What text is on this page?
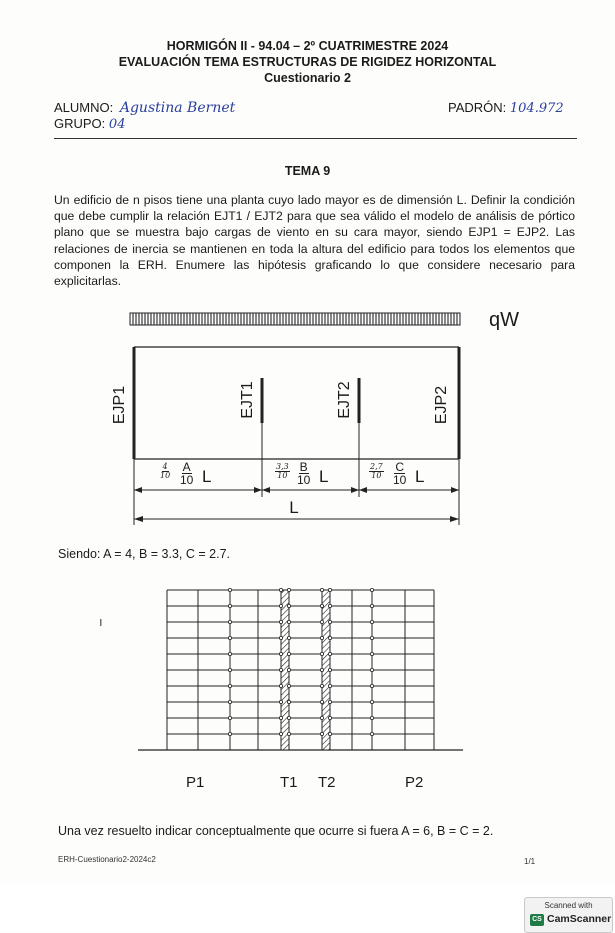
HORMIGÓN II - 94.04 – 2º CUATRIMESTRE 2024
EVALUACIÓN TEMA ESTRUCTURAS DE RIGIDEZ HORIZONTAL
Cuestionario 2
ALUMNO: Agustina Bernet
GRUPO: 04
PADRÓN: 104.972
TEMA 9
Un edificio de n pisos tiene una planta cuyo lado mayor es de dimensión L. Definir la condición que debe cumplir la relación EJT1 / EJT2 para que sea válido el modelo de análisis de pórtico plano que se muestra bajo cargas de viento en su cara mayor, siendo EJP1 = EJP2. Las relaciones de inercia se mantienen en toda la altura del edificio para todos los elementos que componen la ERH. Enumere las hipótesis graficando lo que considere necesario para explicitarlas.
qW
EJP1	EJT1	EJT2	EJP2
L
$\frac{4}{10} \frac{A}{10}$ L	$\frac{3,3}{10} \frac{B}{10}$ L	$\frac{2,7}{10} \frac{C}{10}$ L
Siendo: A = 4, B = 3.3, C = 2.7.
ı
P1	T1 T2	P2
Una vez resuelto indicar conceptualmente que ocurre si fuera A = 6, B = C = 2.
ERH-Cuestionario2-2024c2	1/1
Scanned with
CS CamScanner
